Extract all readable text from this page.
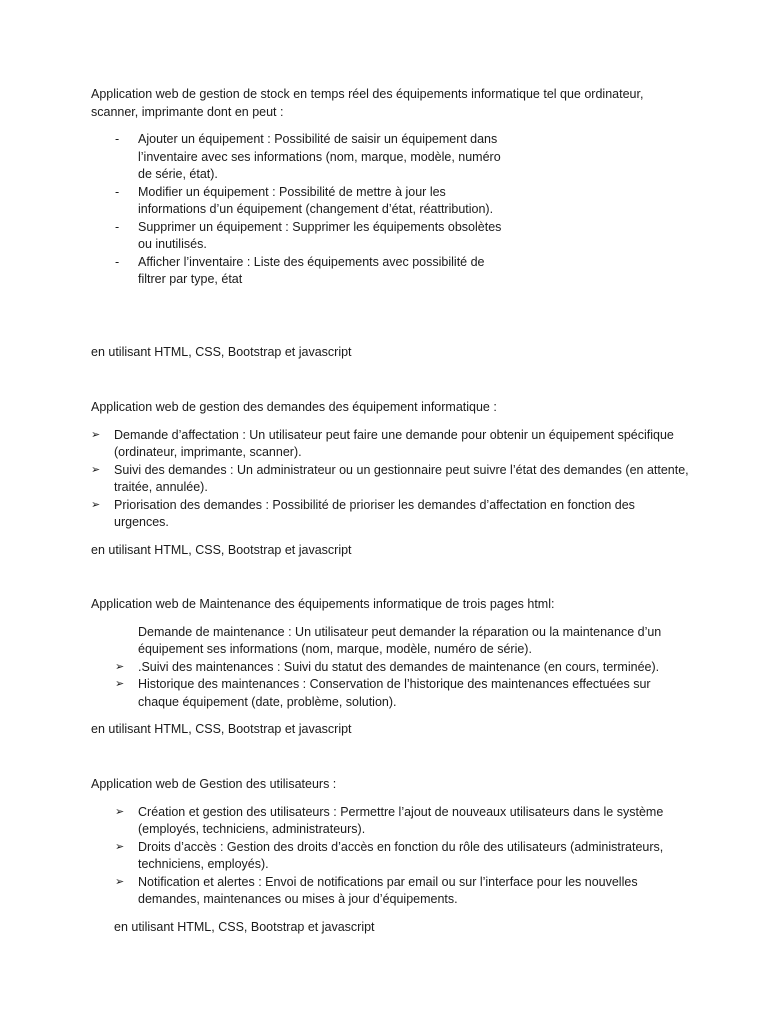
Application web de gestion de stock en temps réel des équipements informatique tel que ordinateur, scanner, imprimante dont en peut :

- Ajouter un équipement : Possibilité de saisir un équipement dans l’inventaire avec ses informations (nom, marque, modèle, numéro de série, état).
- Modifier un équipement : Possibilité de mettre à jour les informations d’un équipement (changement d’état, réattribution).
- Supprimer un équipement : Supprimer les équipements obsolètes ou inutilisés.
- Afficher l’inventaire : Liste des équipements avec possibilité de filtrer par type, état

en utilisant HTML, CSS, Bootstrap et javascript

Application web de gestion des demandes des équipement informatique :

➢ Demande d’affectation : Un utilisateur peut faire une demande pour obtenir un équipement spécifique (ordinateur, imprimante, scanner).
➢ Suivi des demandes : Un administrateur ou un gestionnaire peut suivre l’état des demandes (en attente, traitée, annulée).
➢ Priorisation des demandes : Possibilité de prioriser les demandes d’affectation en fonction des urgences.

en utilisant HTML, CSS, Bootstrap et javascript

Application web de Maintenance des équipements informatique de trois pages html:

Demande de maintenance : Un utilisateur peut demander la réparation ou la maintenance d’un équipement ses informations (nom, marque, modèle, numéro de série).

➢ .Suivi des maintenances : Suivi du statut des demandes de maintenance (en cours, terminée).
➢ Historique des maintenances : Conservation de l’historique des maintenances effectuées sur chaque équipement (date, problème, solution).

en utilisant HTML, CSS, Bootstrap et javascript

Application web de Gestion des utilisateurs :

➢ Création et gestion des utilisateurs : Permettre l’ajout de nouveaux utilisateurs dans le système (employés, techniciens, administrateurs).
➢ Droits d’accès : Gestion des droits d’accès en fonction du rôle des utilisateurs (administrateurs, techniciens, employés).
➢ Notification et alertes : Envoi de notifications par email ou sur l’interface pour les nouvelles demandes, maintenances ou mises à jour d’équipements.

en utilisant HTML, CSS, Bootstrap et javascript
